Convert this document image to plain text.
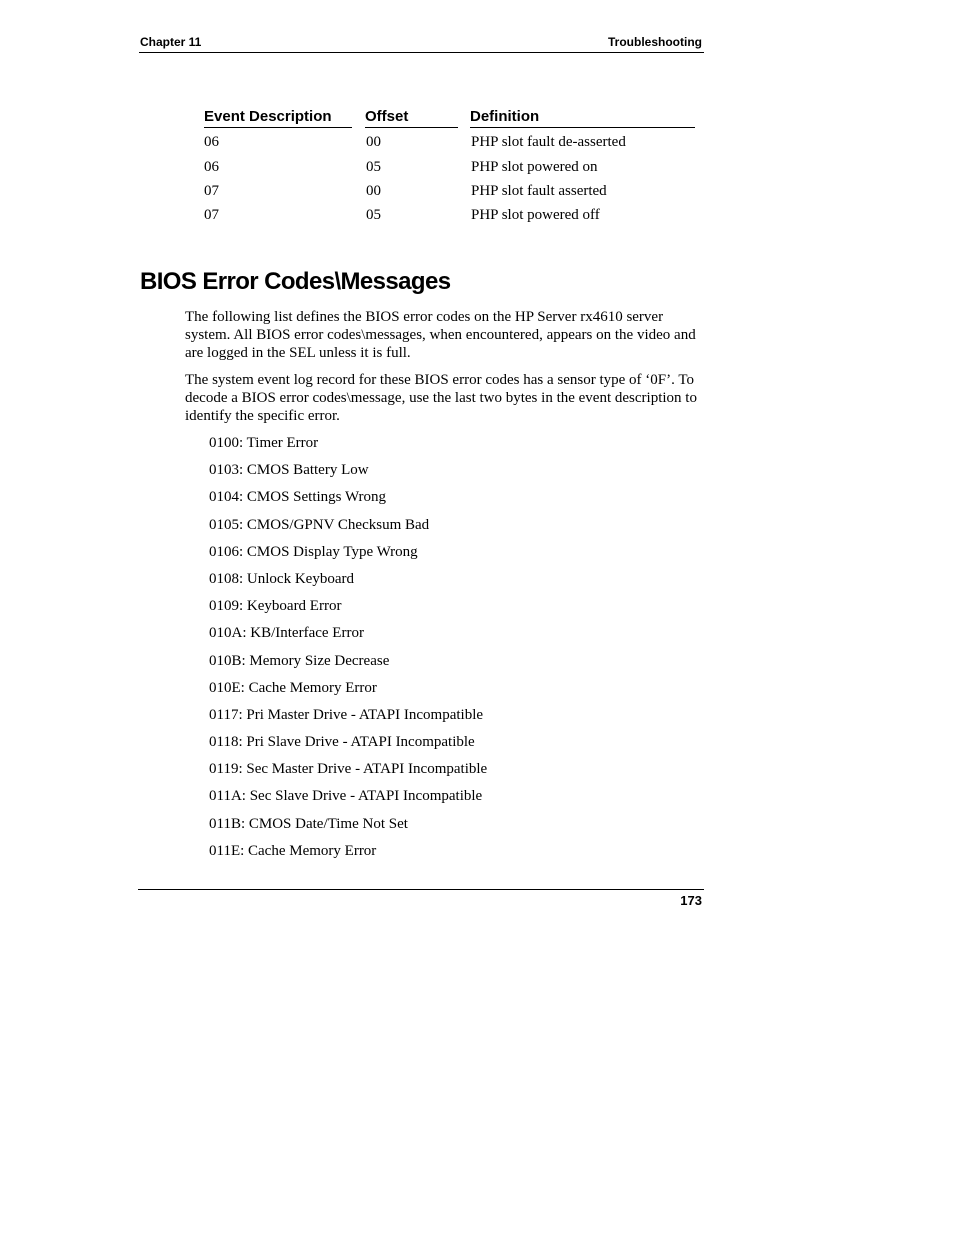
Chapter 11	Troubleshooting
Event Description	Offset	Definition
06	00	PHP slot fault de-asserted
06	05	PHP slot powered on
07	00	PHP slot fault asserted
07	05	PHP slot powered off
BIOS Error Codes\Messages

The following list defines the BIOS error codes on the HP Server rx4610 server system. All BIOS error codes\messages, when encountered, appears on the video and are logged in the SEL unless it is full.

The system event log record for these BIOS error codes has a sensor type of ‘0F’. To decode a BIOS error codes\message, use the last two bytes in the event description to identify the specific error.

0100: Timer Error
0103: CMOS Battery Low
0104: CMOS Settings Wrong
0105: CMOS/GPNV Checksum Bad
0106: CMOS Display Type Wrong
0108: Unlock Keyboard
0109: Keyboard Error
010A: KB/Interface Error
010B: Memory Size Decrease
010E: Cache Memory Error
0117: Pri Master Drive - ATAPI Incompatible
0118: Pri Slave Drive - ATAPI Incompatible
0119: Sec Master Drive - ATAPI Incompatible
011A: Sec Slave Drive - ATAPI Incompatible
011B: CMOS Date/Time Not Set
011E: Cache Memory Error
173
